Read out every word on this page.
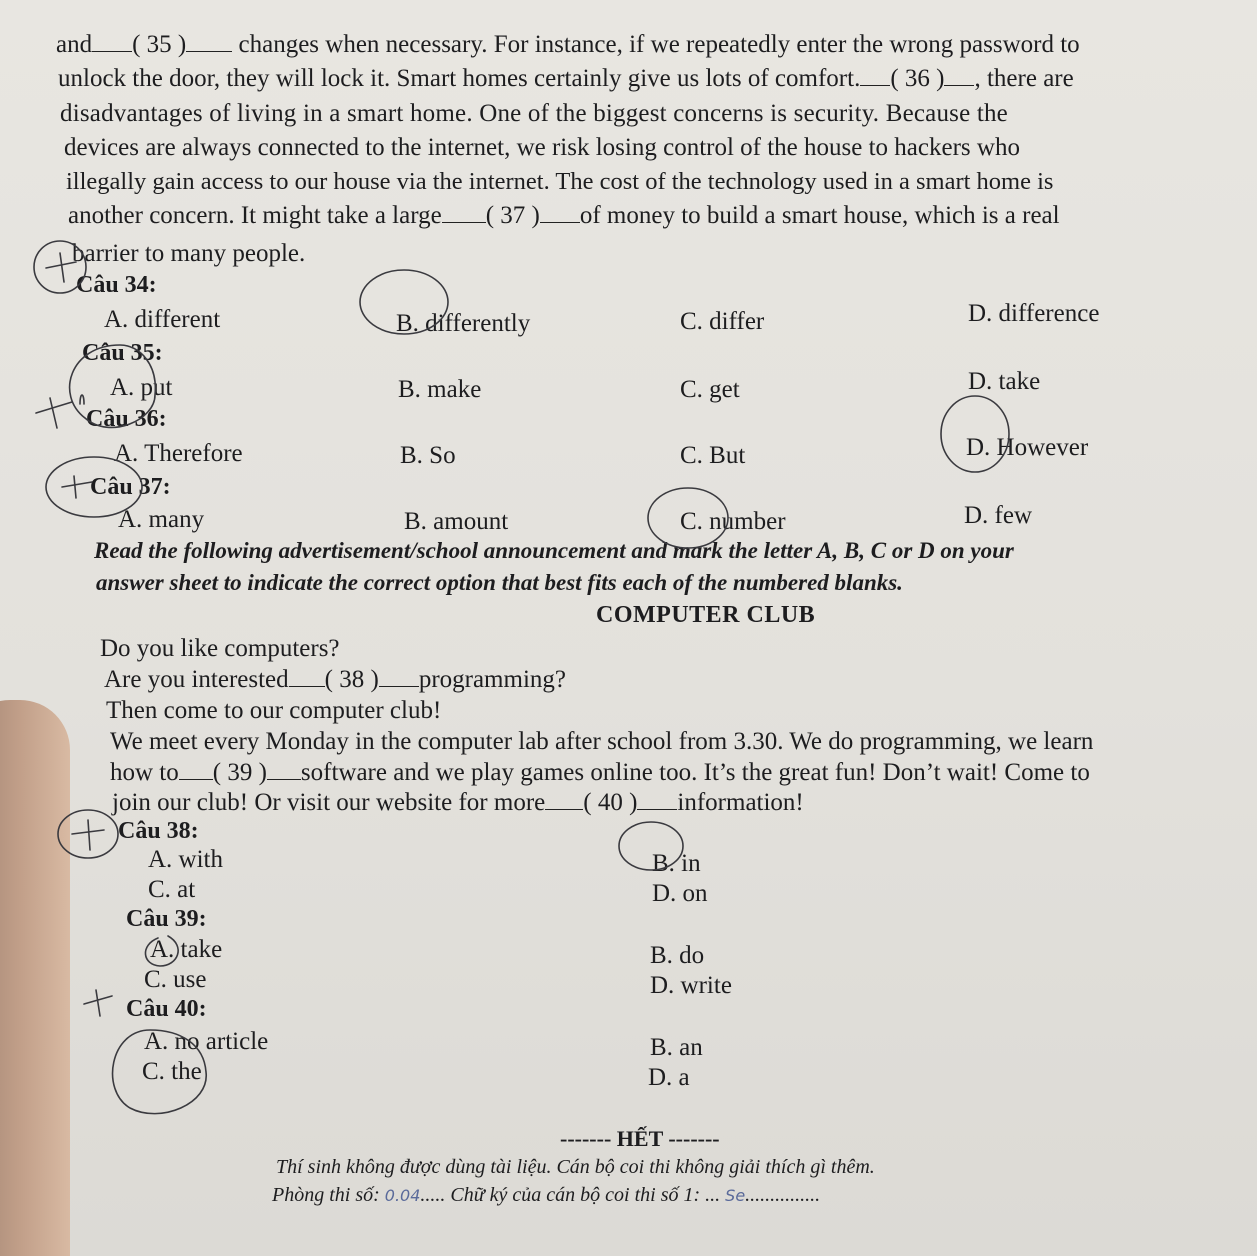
and ( 35 ) changes when necessary. For instance, if we repeatedly enter the wrong password to
unlock the door, they will lock it. Smart homes certainly give us lots of comfort. ( 36 ) , there are
disadvantages of living in a smart home. One of the biggest concerns is security. Because the
devices are always connected to the internet, we risk losing control of the house to hackers who
illegally gain access to our house via the internet. The cost of the technology used in a smart home is
another concern. It might take a large ( 37 ) of money to build a smart house, which is a real
barrier to many people.
Câu 34:
A. different	B. differently	C. differ	D. difference
Câu 35:
A. put	B. make	C. get	D. take
Câu 36:
A. Therefore	B. So	C. But	D. However
Câu 37:
A. many	B. amount	C. number	D. few
Read the following advertisement/school announcement and mark the letter A, B, C or D on your
answer sheet to indicate the correct option that best fits each of the numbered blanks.
COMPUTER CLUB
Do you like computers?
Are you interested ( 38 ) programming?
Then come to our computer club!
We meet every Monday in the computer lab after school from 3.30. We do programming, we learn
how to ( 39 ) software and we play games online too. It’s the great fun! Don’t wait! Come to
join our club! Or visit our website for more ( 40 ) information!
Câu 38:
A. with	B. in
C. at	D. on
Câu 39:
A. take	B. do
C. use	D. write
Câu 40:
A. no article	B. an
C. the	D. a
------- HẾT -------
Thí sinh không được dùng tài liệu. Cán bộ coi thi không giải thích gì thêm.
Phòng thi số: 0.04..... Chữ ký của cán bộ coi thi số 1: ... Se...............
